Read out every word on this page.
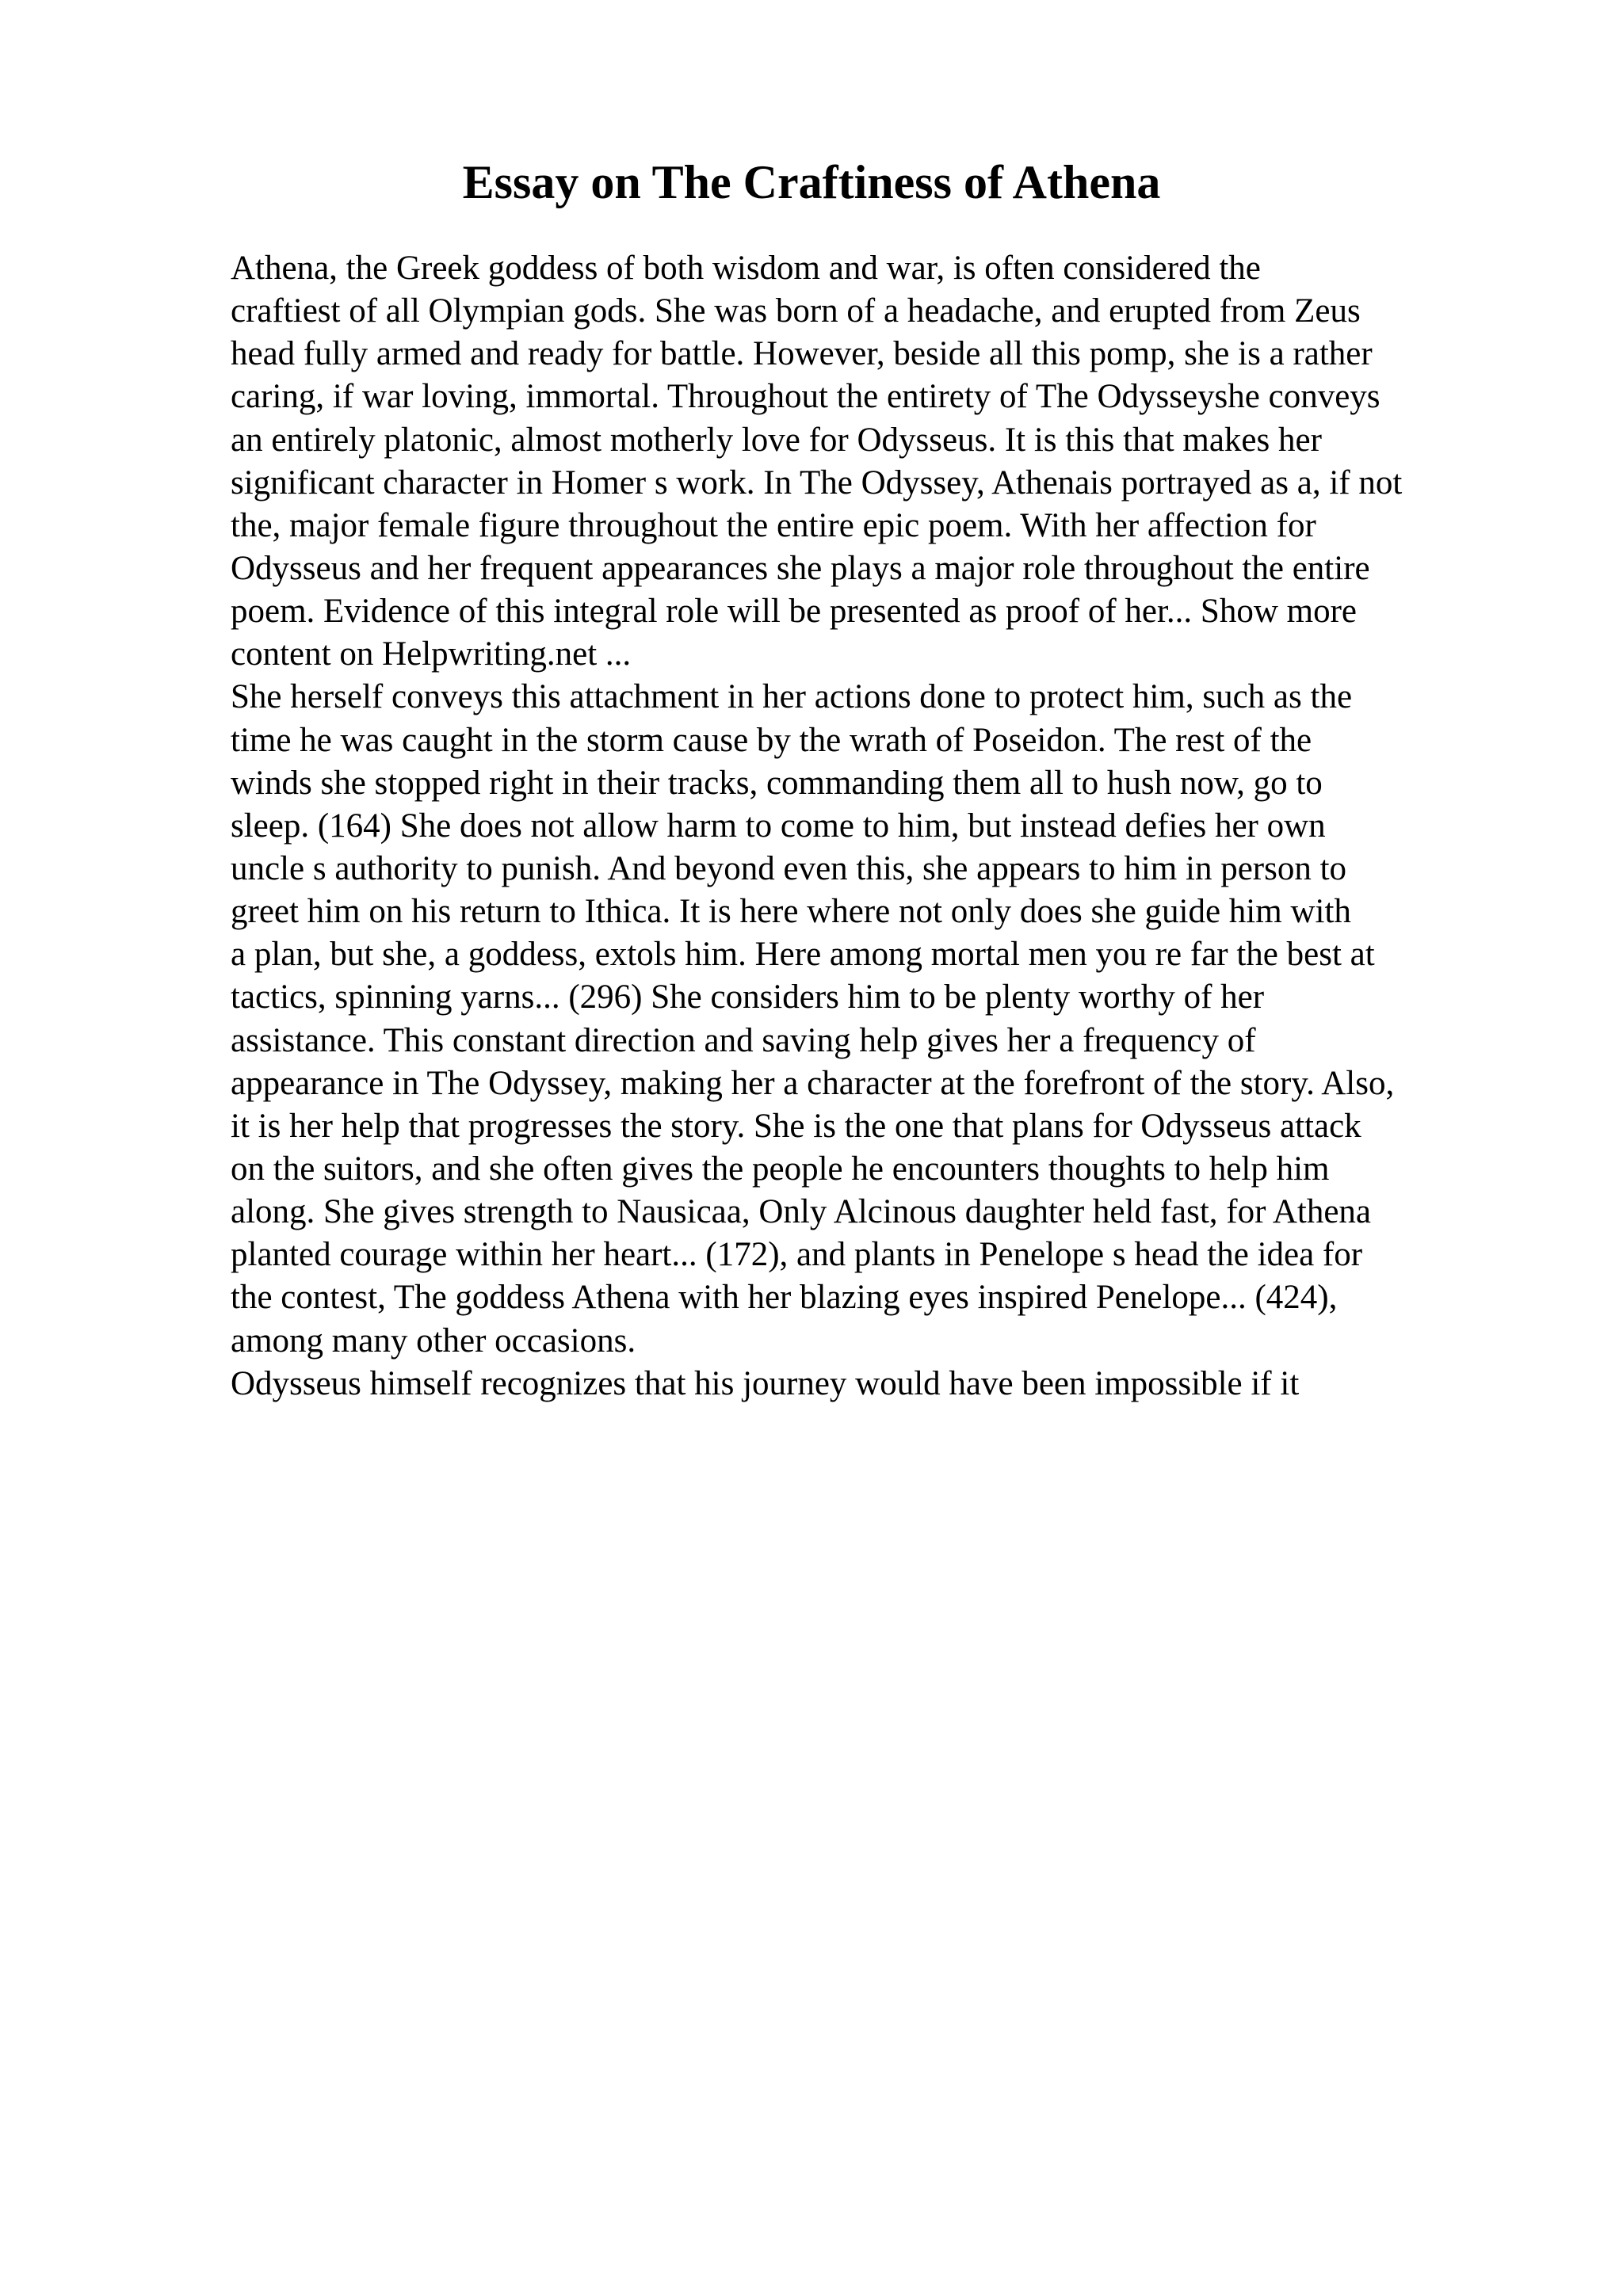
Essay on The Craftiness of Athena
Athena, the Greek goddess of both wisdom and war, is often considered the
craftiest of all Olympian gods. She was born of a headache, and erupted from Zeus
head fully armed and ready for battle. However, beside all this pomp, she is a rather
caring, if war loving, immortal. Throughout the entirety of The Odysseyshe conveys
an entirely platonic, almost motherly love for Odysseus. It is this that makes her
significant character in Homer s work. In The Odyssey, Athenais portrayed as a, if not
the, major female figure throughout the entire epic poem. With her affection for
Odysseus and her frequent appearances she plays a major role throughout the entire
poem. Evidence of this integral role will be presented as proof of her... Show more
content on Helpwriting.net ...
She herself conveys this attachment in her actions done to protect him, such as the
time he was caught in the storm cause by the wrath of Poseidon. The rest of the
winds she stopped right in their tracks, commanding them all to hush now, go to
sleep. (164) She does not allow harm to come to him, but instead defies her own
uncle s authority to punish. And beyond even this, she appears to him in person to
greet him on his return to Ithica. It is here where not only does she guide him with
a plan, but she, a goddess, extols him. Here among mortal men you re far the best at
tactics, spinning yarns... (296) She considers him to be plenty worthy of her
assistance. This constant direction and saving help gives her a frequency of
appearance in The Odyssey, making her a character at the forefront of the story. Also,
it is her help that progresses the story. She is the one that plans for Odysseus attack
on the suitors, and she often gives the people he encounters thoughts to help him
along. She gives strength to Nausicaa, Only Alcinous daughter held fast, for Athena
planted courage within her heart... (172), and plants in Penelope s head the idea for
the contest, The goddess Athena with her blazing eyes inspired Penelope... (424),
among many other occasions.
Odysseus himself recognizes that his journey would have been impossible if it
